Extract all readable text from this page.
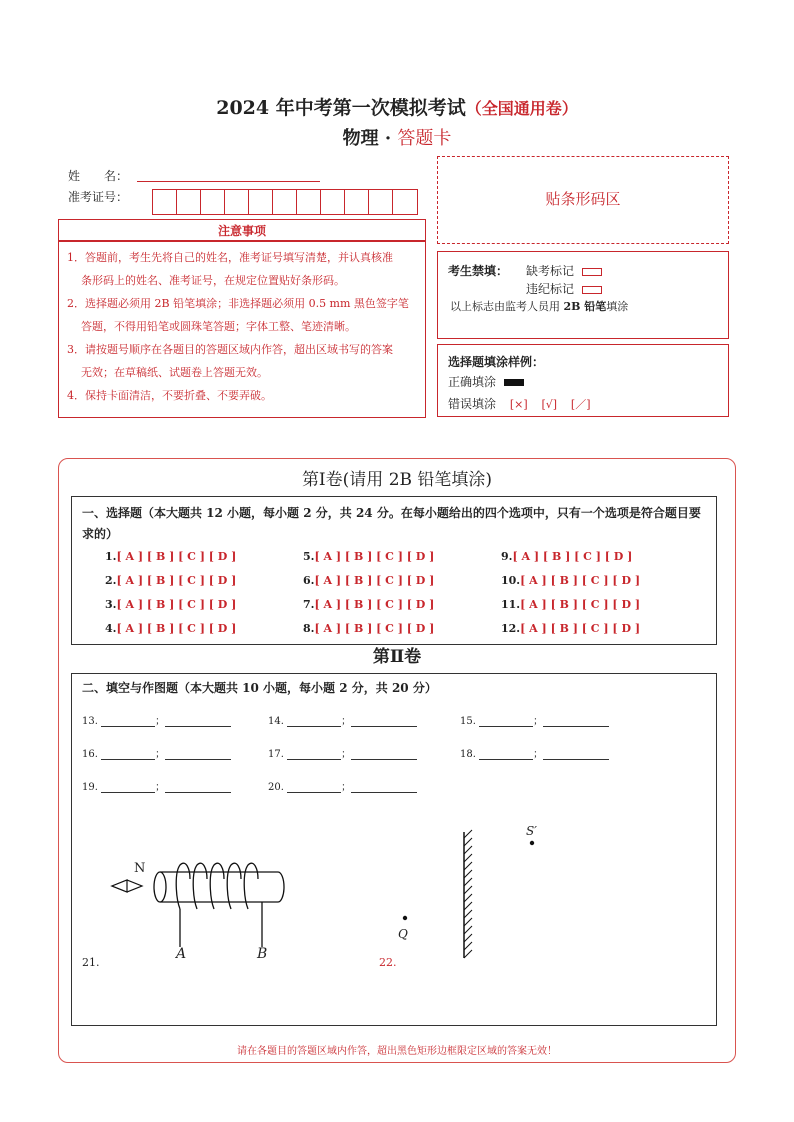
2024 年中考第一次模拟考试（全国通用卷）
物理 · 答题卡
姓　　名：
准考证号：	贴条形码区
注意事项

1．答题前，考生先将自己的姓名，准考证号填写清楚，并认真核准

条形码上的姓名、准考证号，在规定位置贴好条形码。

2．选择题必须用 2B 铅笔填涂；非选择题必须用 0.5 mm 黑色签字笔

答题，不得用铅笔或圆珠笔答题；字体工整、笔迹清晰。

3．请按题号顺序在各题目的答题区域内作答，超出区域书写的答案

无效；在草稿纸、试题卷上答题无效。

4．保持卡面清洁，不要折叠、不要弄破。

考生禁填： 缺考标记
违纪标记
以上标志由监考人员用 2B 铅笔填涂
选择题填涂样例：
正确填涂
错误填涂 [×] [√] [／]
第Ⅰ卷(请用 2B 铅笔填涂)
一、选择题（本大题共 12 小题，每小题 2 分，共 24 分。在每小题给出的四个选项中，只有一个选项是符合题目要求的）
1.[ A ] [ B ] [ C ] [ D ]
2.[ A ] [ B ] [ C ] [ D ]
3.[ A ] [ B ] [ C ] [ D ]
4.[ A ] [ B ] [ C ] [ D ]
5.[ A ] [ B ] [ C ] [ D ]
6.[ A ] [ B ] [ C ] [ D ]
7.[ A ] [ B ] [ C ] [ D ]
8.[ A ] [ B ] [ C ] [ D ]
9.[ A ] [ B ] [ C ] [ D ]
10.[ A ] [ B ] [ C ] [ D ]
11.[ A ] [ B ] [ C ] [ D ]
12.[ A ] [ B ] [ C ] [ D ]
第Ⅱ卷
二、填空与作图题（本大题共 10 小题，每小题 2 分，共 20 分）
13.	；	14.	；	15.	；
16.	；	17.	；	18.	；
19.	；	20.	；
21.
N
A	B
22.
Q
S′
请在各题目的答题区域内作答，超出黑色矩形边框限定区域的答案无效！
